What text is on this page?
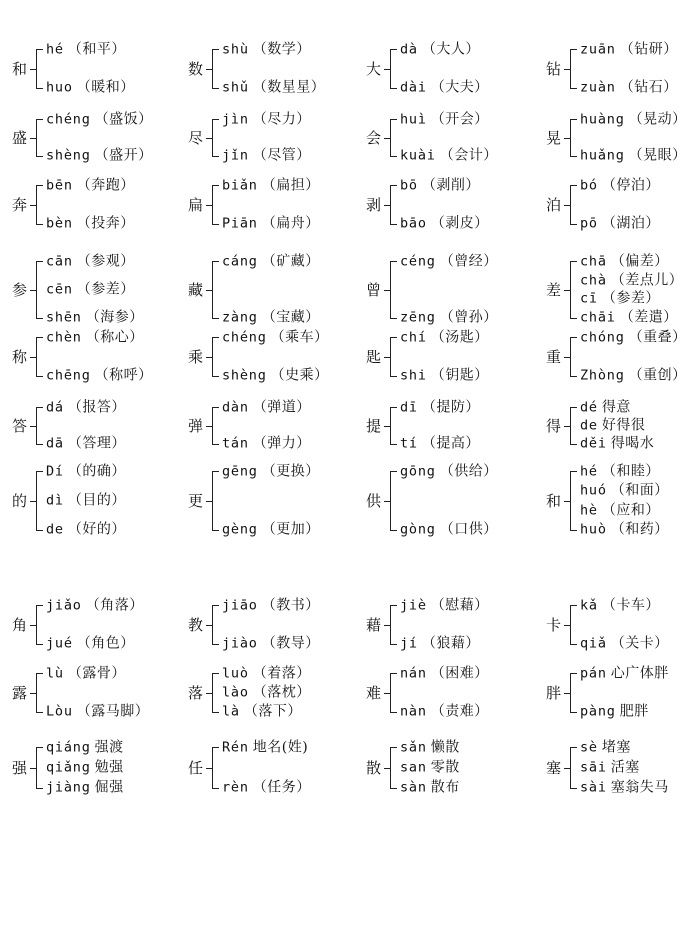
和
hé （和平）
huo （暖和）
数
shù （数学）
shǔ （数星星）
大
dà （大人）
dài （大夫）
钻
zuān （钻研）
zuàn （钻石）
盛
chéng （盛饭）
shèng （盛开）
尽
jìn （尽力）
jǐn （尽管）
会
huì （开会）
kuài （会计）
晃
huàng （晃动）
huǎng （晃眼）
奔
bēn （奔跑）
bèn （投奔）
扁
biǎn （扁担）
Piān （扁舟）
剥
bō （剥削）
bāo （剥皮）
泊
bó （停泊）
pō （湖泊）
参
cān （参观）
cēn （参差）
shēn （海参）
藏
cáng （矿藏）
zàng （宝藏）
曾
céng （曾经）
zēng （曾孙）
差
chā （偏差）
chà （差点儿）
cī （参差）
chāi （差遣）
称
chèn （称心）
chēng （称呼）
乘
chéng （乘车）
shèng （史乘）
匙
chí （汤匙）
shi （钥匙）
重
chóng （重叠）
Zhòng （重创）
答
dá （报答）
dā （答理）
弹
dàn （弹道）
tán （弹力）
提
dī （提防）
tí （提高）
得
dé 得意
de 好得很
děi 得喝水
的
Dí （的确）
dì （目的）
de （好的）
更
gēng （更换）
gèng （更加）
供
gōng （供给）
gòng （口供）
和
hé （和睦）
huó （和面）
hè （应和）
huò （和药）
角
jiǎo （角落）
jué （角色）
教
jiāo （教书）
jiào （教导）
藉
jiè （慰藉）
jí （狼藉）
卡
kǎ （卡车）
qiǎ （关卡）
露
lù （露骨）
Lòu （露马脚）
落
luò （着落）
lào （落枕）
là （落下）
难
nán （困难）
nàn （责难）
胖
pán 心广体胖
pàng 肥胖
强
qiáng 强渡
qiǎng 勉强
jiàng 倔强
任
Rén 地名(姓)
rèn （任务）
散
sǎn 懒散
san 零散
sàn 散布
塞
sè 堵塞
sāi 活塞
sài 塞翁失马
